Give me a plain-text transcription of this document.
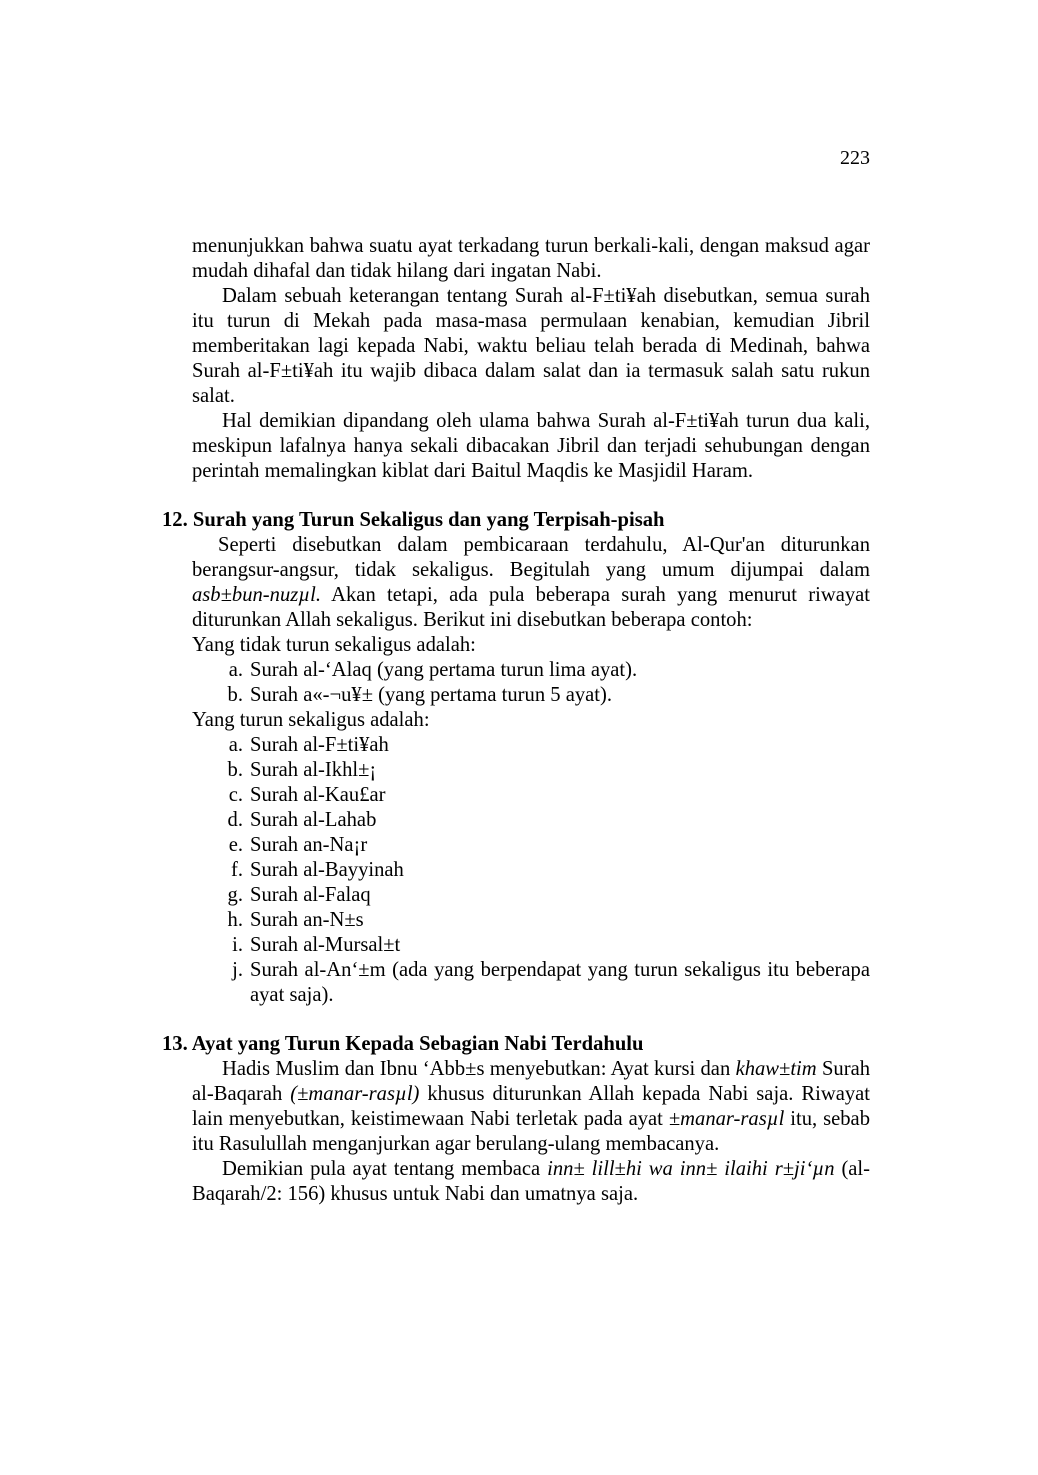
223

menunjukkan bahwa suatu ayat terkadang turun berkali-kali, dengan maksud agar mudah dihafal dan tidak hilang dari ingatan Nabi.

Dalam sebuah keterangan tentang Surah al-F±ti¥ah disebutkan, semua surah itu turun di Mekah pada masa-masa permulaan kenabian, kemudian Jibril memberitakan lagi kepada Nabi, waktu beliau telah berada di Medinah, bahwa Surah al-F±ti¥ah itu wajib dibaca dalam salat dan ia termasuk salah satu rukun salat.

Hal demikian dipandang oleh ulama bahwa Surah al-F±ti¥ah turun dua kali, meskipun lafalnya hanya sekali dibacakan Jibril dan terjadi sehubungan dengan perintah memalingkan kiblat dari Baitul Maqdis ke Masjidil Haram.

12. Surah yang Turun Sekaligus dan yang Terpisah-pisah

Seperti disebutkan dalam pembicaraan terdahulu, Al-Qur'an diturunkan berangsur-angsur, tidak sekaligus. Begitulah yang umum dijumpai dalam asb±bun-nuzµl. Akan tetapi, ada pula beberapa surah yang menurut riwayat diturunkan Allah sekaligus. Berikut ini disebutkan beberapa contoh:

Yang tidak turun sekaligus adalah:

a. Surah al-‘Alaq (yang pertama turun lima ayat).
b. Surah a«-¬u¥± (yang pertama turun 5 ayat).

Yang turun sekaligus adalah:

a. Surah al-F±ti¥ah
b. Surah al-Ikhl±¡
c. Surah al-Kau£ar
d. Surah al-Lahab
e. Surah an-Na¡r
f. Surah al-Bayyinah
g. Surah al-Falaq
h. Surah an-N±s
i. Surah al-Mursal±t
j. Surah al-An‘±m (ada yang berpendapat yang turun sekaligus itu beberapa ayat saja).
13. Ayat yang Turun Kepada Sebagian Nabi Terdahulu

Hadis Muslim dan Ibnu ‘Abb±s menyebutkan: Ayat kursi dan khaw±tim Surah al-Baqarah (±manar-rasµl) khusus diturunkan Allah kepada Nabi saja. Riwayat lain menyebutkan, keistimewaan Nabi terletak pada ayat ±manar-rasµl itu, sebab itu Rasulullah menganjurkan agar berulang-ulang membacanya.

Demikian pula ayat tentang membaca inn± lill±hi wa inn± ilaihi r±ji‘µn (al-Baqarah/2: 156) khusus untuk Nabi dan umatnya saja.
